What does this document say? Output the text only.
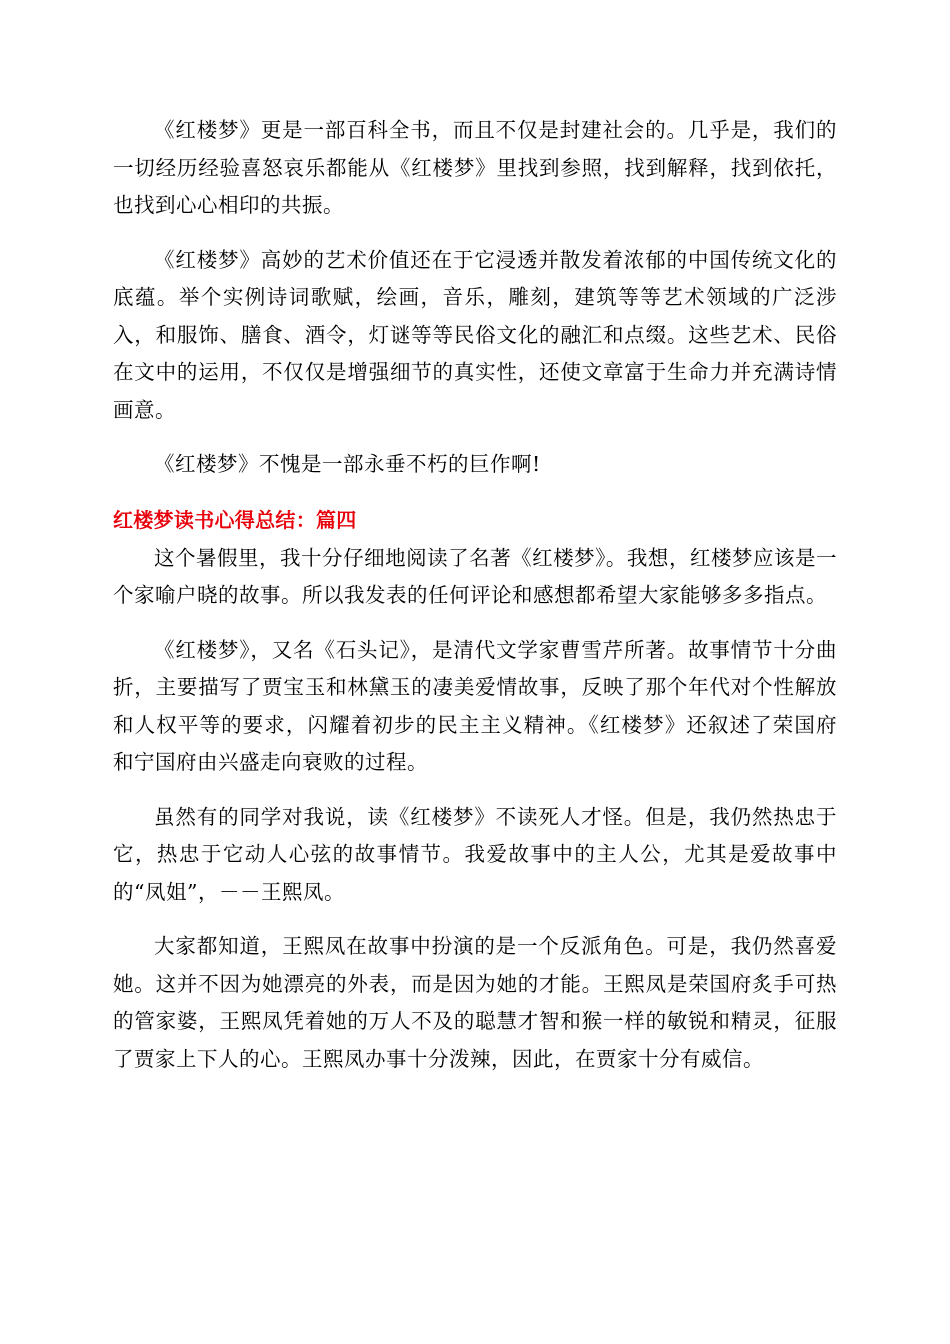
《红楼梦》更是一部百科全书，而且不仅是封建社会的。几乎是，我们的一切经历经验喜怒哀乐都能从《红楼梦》里找到参照，找到解释，找到依托，也找到心心相印的共振。

《红楼梦》高妙的艺术价值还在于它浸透并散发着浓郁的中国传统文化的底蕴。举个实例诗词歌赋，绘画，音乐，雕刻，建筑等等艺术领域的广泛涉入，和服饰、膳食、酒令，灯谜等等民俗文化的融汇和点缀。这些艺术、民俗在文中的运用，不仅仅是增强细节的真实性，还使文章富于生命力并充满诗情画意。

《红楼梦》不愧是一部永垂不朽的巨作啊!

红楼梦读书心得总结：篇四

这个暑假里，我十分仔细地阅读了名著《红楼梦》。我想，红楼梦应该是一个家喻户晓的故事。所以我发表的任何评论和感想都希望大家能够多多指点。

《红楼梦》，又名《石头记》，是清代文学家曹雪芹所著。故事情节十分曲折，主要描写了贾宝玉和林黛玉的凄美爱情故事，反映了那个年代对个性解放和人权平等的要求，闪耀着初步的民主主义精神。《红楼梦》还叙述了荣国府和宁国府由兴盛走向衰败的过程。

虽然有的同学对我说，读《红楼梦》不读死人才怪。但是，我仍然热忠于它，热忠于它动人心弦的故事情节。我爱故事中的主人公，尤其是爱故事中的“凤姐”，－－王熙凤。

大家都知道，王熙凤在故事中扮演的是一个反派角色。可是，我仍然喜爱她。这并不因为她漂亮的外表，而是因为她的才能。王熙凤是荣国府炙手可热的管家婆，王熙凤凭着她的万人不及的聪慧才智和猴一样的敏锐和精灵，征服了贾家上下人的心。王熙凤办事十分泼辣，因此，在贾家十分有威信。
